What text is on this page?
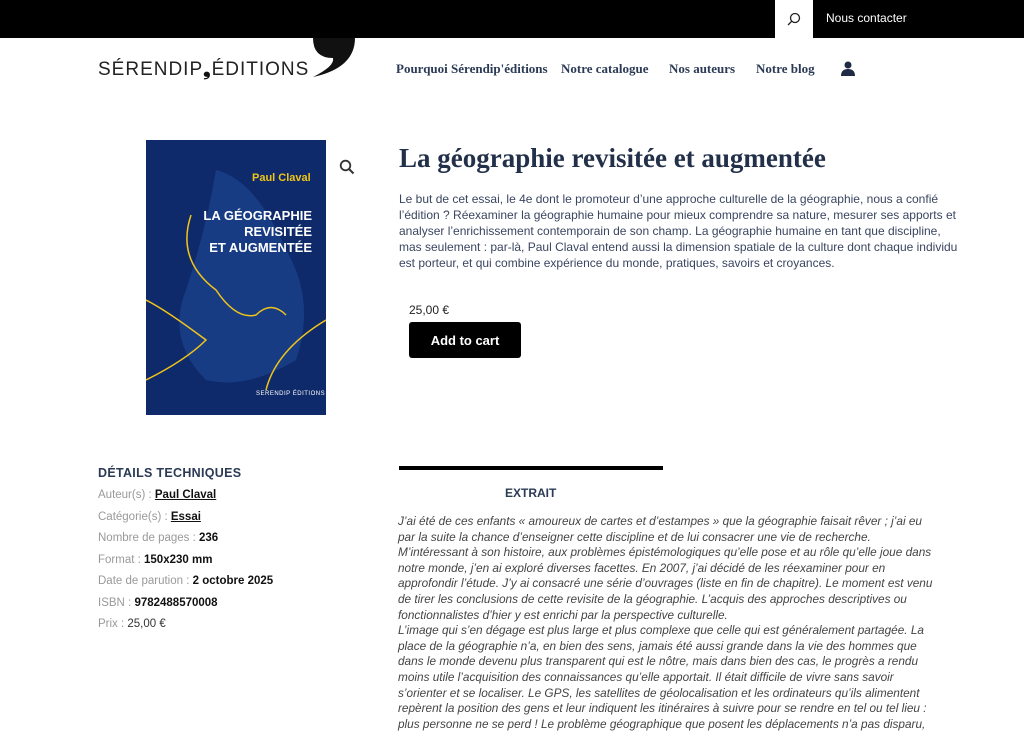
Nous contacter
SÉRENDIP❟ÉDITIONS	Pourquoi Sérendip'éditions Notre catalogue Nos auteurs Notre blog
Paul Claval
LA GÉOGRAPHIE
REVISITÉE
ET AUGMENTÉE
SERENDIP ÉDITIONS
La géographie revisitée et augmentée

Le but de cet essai, le 4e dont le promoteur d’une approche culturelle de la géographie, nous a confié l’édition ? Réexaminer la géographie humaine pour mieux comprendre sa nature, mesurer ses apports et analyser l’enrichissement contemporain de son champ. La géographie humaine en tant que discipline, mas seulement : par-là, Paul Claval entend aussi la dimension spatiale de la culture dont chaque individu est porteur, et qui combine expérience du monde, pratiques, savoirs et croyances.

25,00 €
Add to cart
DÉTAILS TECHNIQUES
Auteur(s) : Paul Claval
Catégorie(s) : Essai
Nombre de pages : 236
Format : 150x230 mm
Date de parution : 2 octobre 2025
ISBN : 9782488570008
Prix : 25,00 €
EXTRAIT

J’ai été de ces enfants « amoureux de cartes et d’estampes » que la géographie faisait rêver ; j’ai eu par la suite la chance d’enseigner cette discipline et de lui consacrer une vie de recherche. M’intéressant à son histoire, aux problèmes épistémologiques qu’elle pose et au rôle qu’elle joue dans notre monde, j’en ai exploré diverses facettes. En 2007, j’ai décidé de les réexaminer pour en approfondir l’étude. J’y ai consacré une série d’ouvrages (liste en fin de chapitre). Le moment est venu de tirer les conclusions de cette revisite de la géographie. L’acquis des approches descriptives ou fonctionnalistes d’hier y est enrichi par la perspective culturelle.

L’image qui s’en dégage est plus large et plus complexe que celle qui est généralement partagée. La place de la géographie n’a, en bien des sens, jamais été aussi grande dans la vie des hommes que dans le monde devenu plus transparent qui est le nôtre, mais dans bien des cas, le progrès a rendu moins utile l’acquisition des connaissances qu’elle apportait. Il était difficile de vivre sans savoir s’orienter et se localiser. Le GPS, les satellites de géolocalisation et les ordinateurs qu’ils alimentent repèrent la position des gens et leur indiquent les itinéraires à suivre pour se rendre en tel ou tel lieu : plus personne ne se perd ! Le problème géographique que posent les déplacements n’a pas disparu,
